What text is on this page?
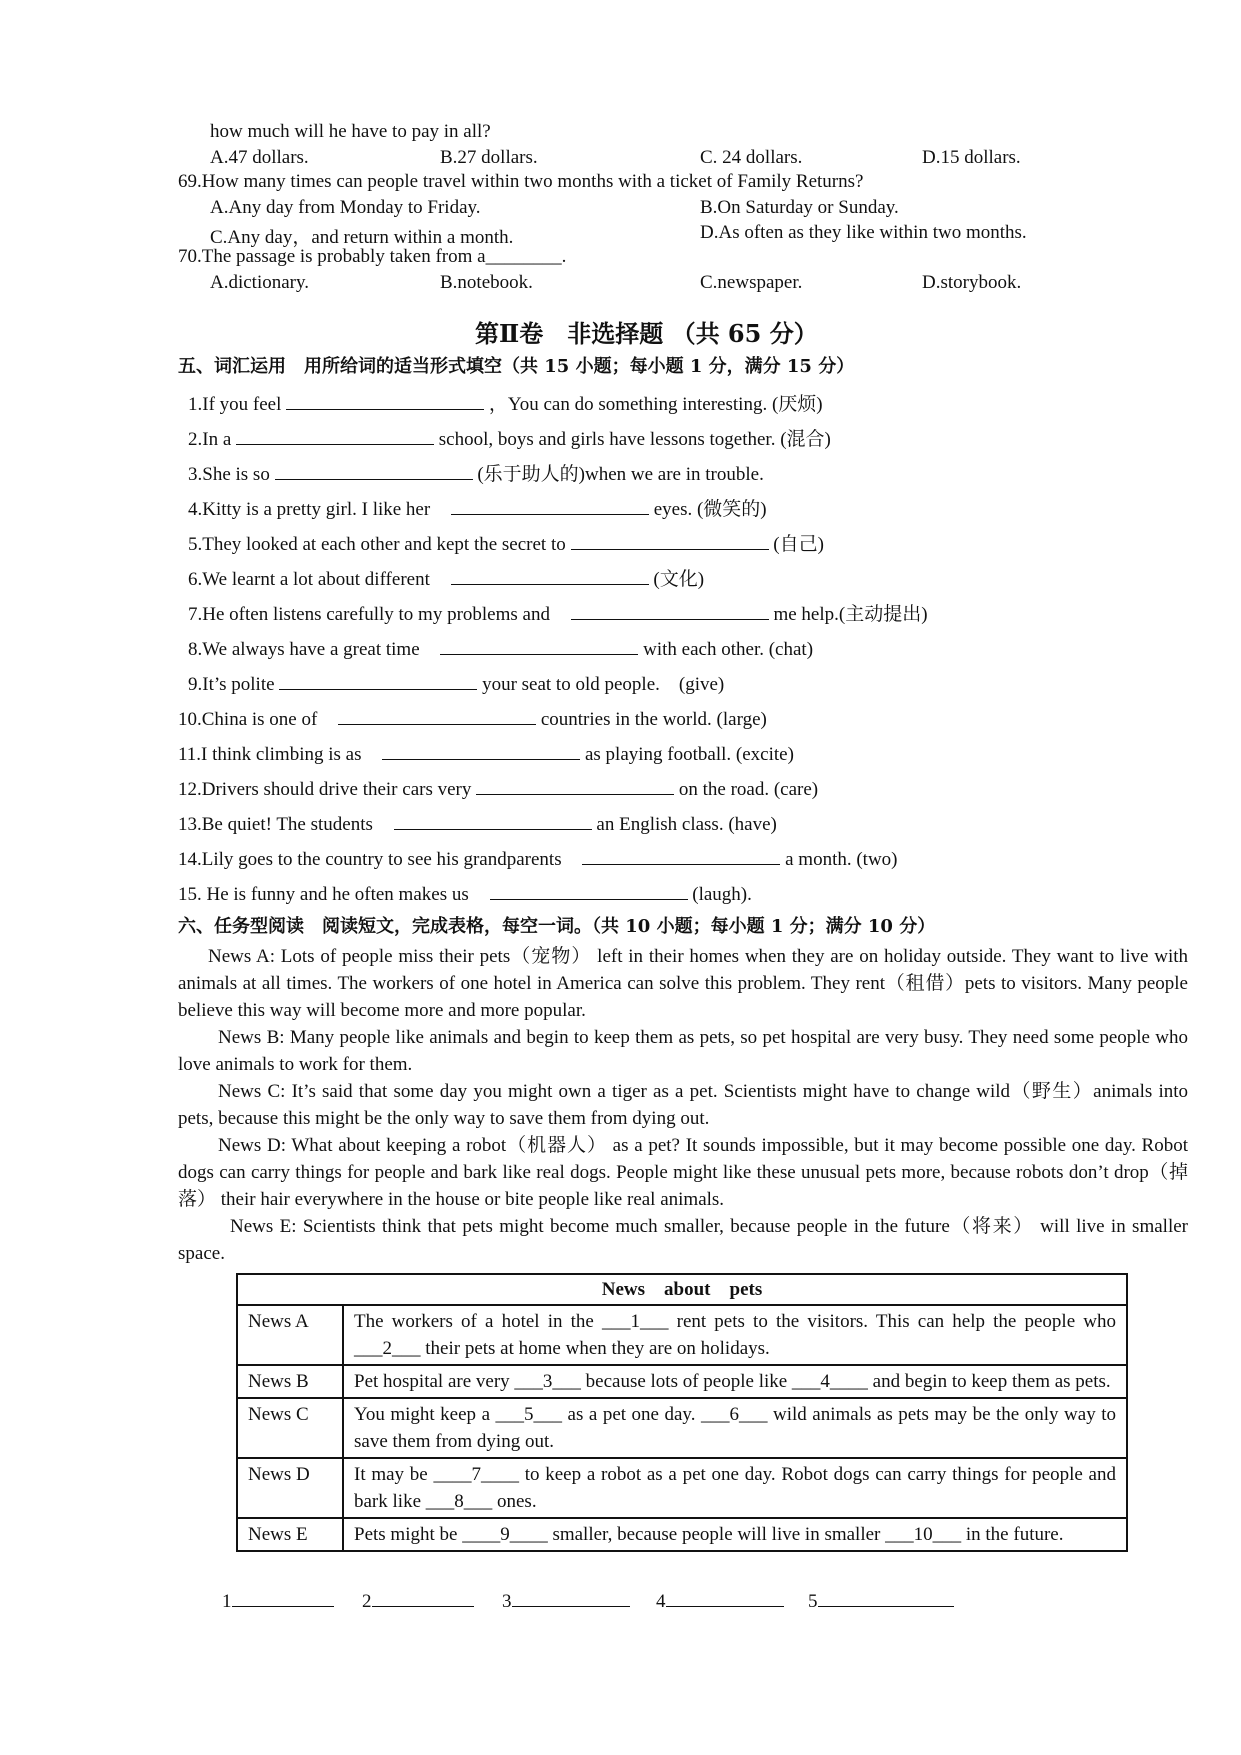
how much will he have to pay in all?
A.47 dollars.	B.27 dollars.	C. 24 dollars.	D.15 dollars.
69.How many times can people travel within two months with a ticket of Family Returns?
A.Any day from Monday to Friday.	B.On Saturday or Sunday.
C.Any day，and return within a month.	D.As often as they like within two months.
70.The passage is probably taken from a________.
A.dictionary.	B.notebook.	C.newspaper.	D.storybook.
第Ⅱ卷　非选择题 （共 65 分）
五、词汇运用　用所给词的适当形式填空（共 15 小题；每小题 1 分，满分 15 分）
1.If you feel	，You can do something interesting. (厌烦)
2.In a	school, boys and girls have lessons together. (混合)
3.She is so	(乐于助人的)when we are in trouble.
4.Kitty is a pretty girl. I like her	eyes. (微笑的)
5.They looked at each other and kept the secret to	(自己)
6.We learnt a lot about different	(文化)
7.He often listens carefully to my problems and	me help.(主动提出)
8.We always have a great time	with each other. (chat)
9.It’s polite	your seat to old people.　(give)
10.China is one of	countries in the world. (large)
11.I think climbing is as	as playing football. (excite)
12.Drivers should drive their cars very	on the road. (care)
13.Be quiet! The students	an English class. (have)
14.Lily goes to the country to see his grandparents	a month. (two)
15. He is funny and he often makes us	(laugh).
六、任务型阅读　阅读短文，完成表格，每空一词。（共 10 小题；每小题 1 分；满分 10 分）

News A: Lots of people miss their pets（宠物） left in their homes when they are on holiday outside. They want to live with animals at all times. The workers of one hotel in America can solve this problem. They rent（租借）pets to visitors. Many people believe this way will become more and more popular.

News B: Many people like animals and begin to keep them as pets, so pet hospital are very busy. They need some people who love animals to work for them.

News C: It’s said that some day you might own a tiger as a pet. Scientists might have to change wild（野生）animals into pets, because this might be the only way to save them from dying out.

News D: What about keeping a robot（机器人） as a pet? It sounds impossible, but it may become possible one day. Robot dogs can carry things for people and bark like real dogs. People might like these unusual pets more, because robots don’t drop（掉落） their hair everywhere in the house or bite people like real animals.

News E: Scientists think that pets might become much smaller, because people in the future（将来） will live in smaller space.

News　about　pets	
News A	The workers of a hotel in the ___1___ rent pets to the visitors. This can help the people who ___2___ their pets at home when they are on holidays.
News B	Pet hospital are very ___3___ because lots of people like ___4____ and begin to keep them as pets.
News C	You might keep a ___5___ as a pet one day. ___6___ wild animals as pets may be the only way to save them from dying out.
News D	It may be ____7____ to keep a robot as a pet one day. Robot dogs can carry things for people and bark like ___8___ ones.
News E	Pets might be ____9____ smaller, because people will live in smaller ___10___ in the future.
1	2	3	4	5
